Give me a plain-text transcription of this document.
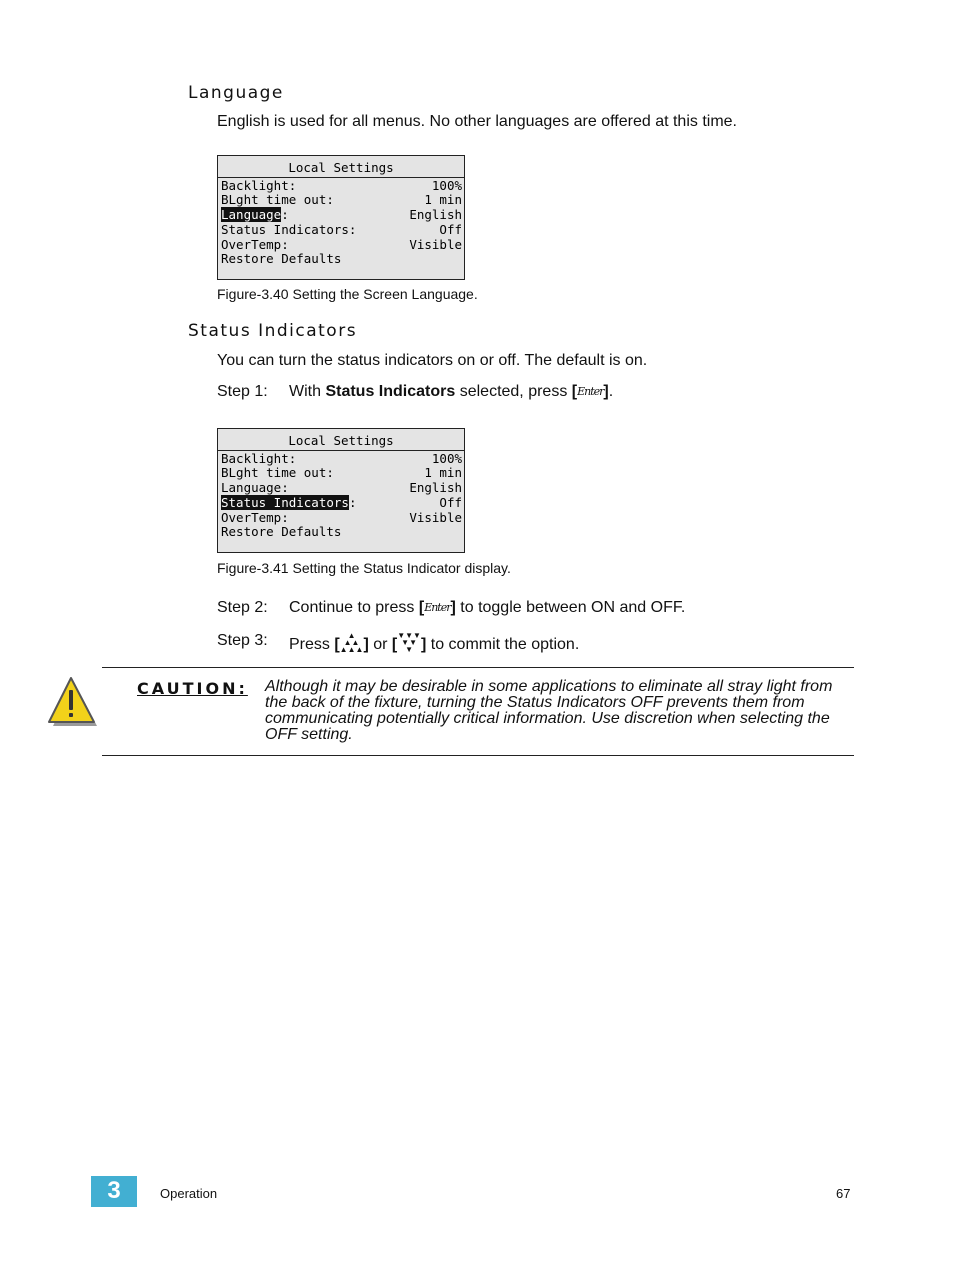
Language
English is used for all menus. No other languages are offered at this time.
Local Settings
Backlight:	100%
BLght time out:	1 min
Language:	English
Status Indicators:	Off
OverTemp:	Visible
Restore Defaults
Figure-3.40 Setting the Screen Language.
Status Indicators
You can turn the status indicators on or off. The default is on.
Step 1: With Status Indicators selected, press [Enter].
Local Settings
Backlight:	100%
BLght time out:	1 min
Language:	English
Status Indicators:	Off
OverTemp:	Visible
Restore Defaults
Figure-3.41 Setting the Status Indicator display.
Step 2: Continue to press [Enter] to toggle between ON and OFF.
Step 3: Press [▲
▲▲
▲▲▲] or [▼▼▼
▼▼
▼ ] to commit the option.
CAUTION: Although it may be desirable in some applications to eliminate all stray light from the back of the fixture, turning the Status Indicators OFF prevents them from communicating potentially critical information. Use discretion when selecting the OFF setting.
3	Operation	67
